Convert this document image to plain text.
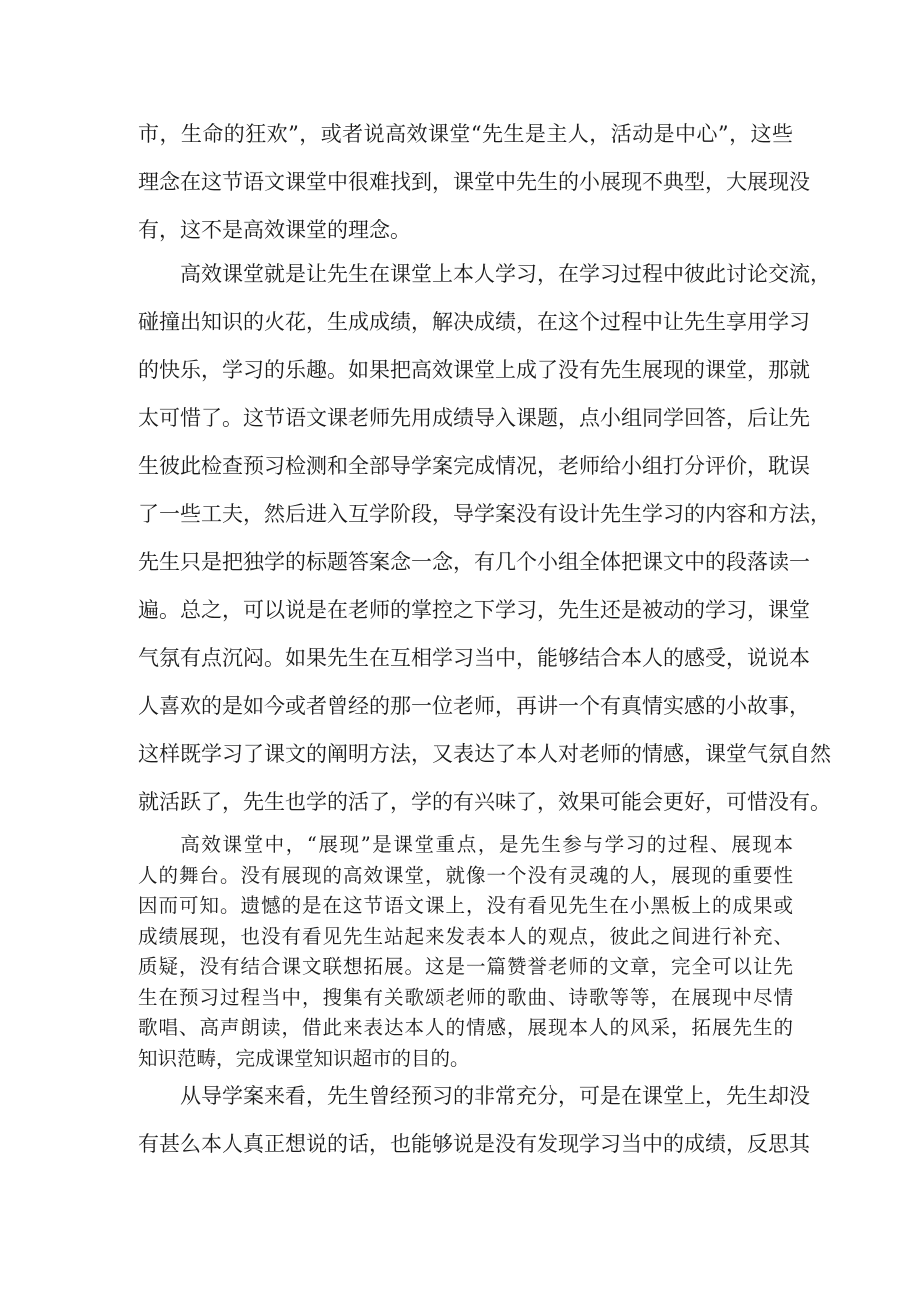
市，生命的狂欢”，或者说高效课堂“先生是主人，活动是中心”，这些
理念在这节语文课堂中很难找到，课堂中先生的小展现不典型，大展现没
有，这不是高效课堂的理念。

　　高效课堂就是让先生在课堂上本人学习，在学习过程中彼此讨论交流，
碰撞出知识的火花，生成成绩，解决成绩，在这个过程中让先生享用学习
的快乐，学习的乐趣。如果把高效课堂上成了没有先生展现的课堂，那就
太可惜了。这节语文课老师先用成绩导入课题，点小组同学回答，后让先
生彼此检查预习检测和全部导学案完成情况，老师给小组打分评价，耽误
了一些工夫，然后进入互学阶段，导学案没有设计先生学习的内容和方法，
先生只是把独学的标题答案念一念，有几个小组全体把课文中的段落读一
遍。总之，可以说是在老师的掌控之下学习，先生还是被动的学习，课堂
气氛有点沉闷。如果先生在互相学习当中，能够结合本人的感受，说说本
人喜欢的是如今或者曾经的那一位老师，再讲一个有真情实感的小故事，
这样既学习了课文的阐明方法，又表达了本人对老师的情感，课堂气氛自然
就活跃了，先生也学的活了，学的有兴味了，效果可能会更好，可惜没有。

　　高效课堂中，“展现”是课堂重点，是先生参与学习的过程、展现本
人的舞台。没有展现的高效课堂，就像一个没有灵魂的人，展现的重要性
因而可知。遗憾的是在这节语文课上，没有看见先生在小黑板上的成果或
成绩展现，也没有看见先生站起来发表本人的观点，彼此之间进行补充、
质疑，没有结合课文联想拓展。这是一篇赞誉老师的文章，完全可以让先
生在预习过程当中，搜集有关歌颂老师的歌曲、诗歌等等，在展现中尽情
歌唱、高声朗读，借此来表达本人的情感，展现本人的风采，拓展先生的
知识范畴，完成课堂知识超市的目的。

　　从导学案来看，先生曾经预习的非常充分，可是在课堂上，先生却没
有甚么本人真正想说的话，也能够说是没有发现学习当中的成绩，反思其
